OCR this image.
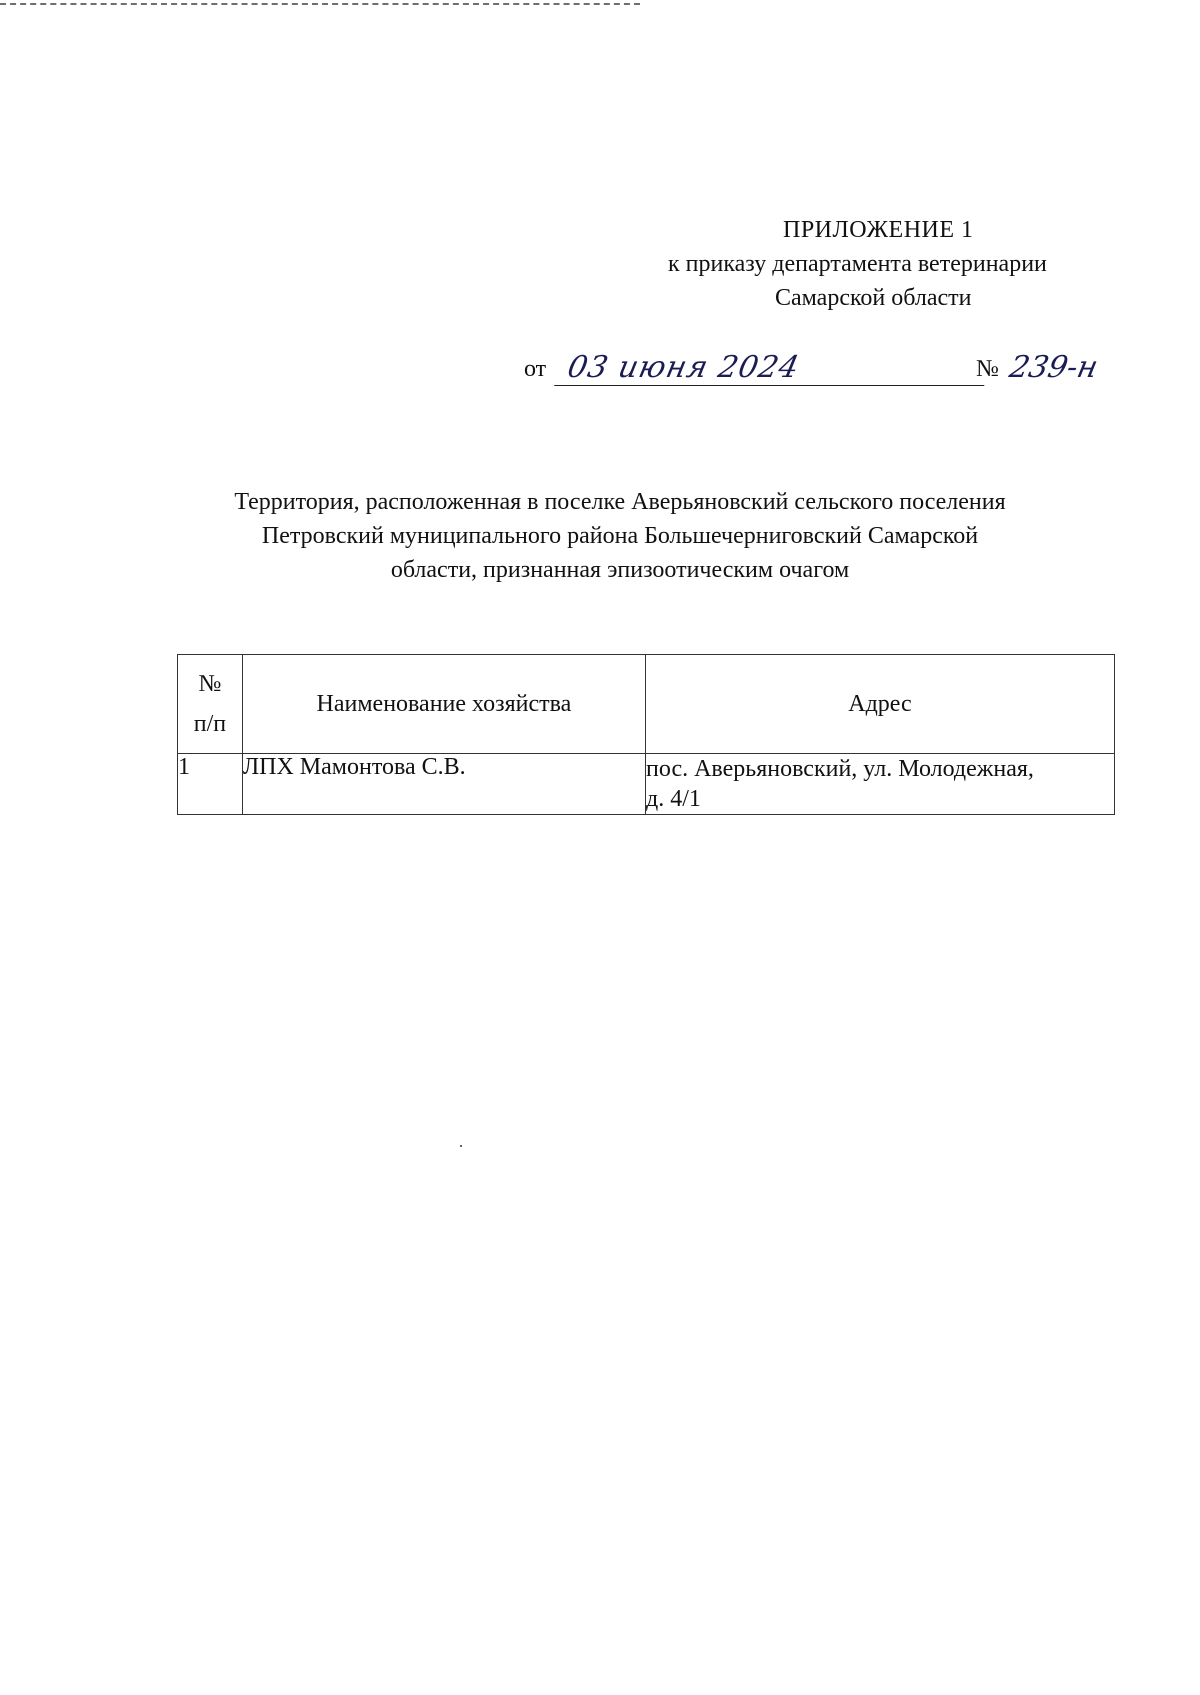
ПРИЛОЖЕНИЕ 1
к приказу департамента ветеринарии
Самарской области
от 03 июня 2024	№ 239-н
Территория, расположенная в поселке Аверьяновский сельского поселения
Петровский муниципального района Большечерниговский Самарской
области, признанная эпизоотическим очагом
№
п/п	Наименование хозяйства	Адрес
1	ЛПХ Мамонтова С.В.	пос. Аверьяновский, ул. Молодежная,
д. 4/1
